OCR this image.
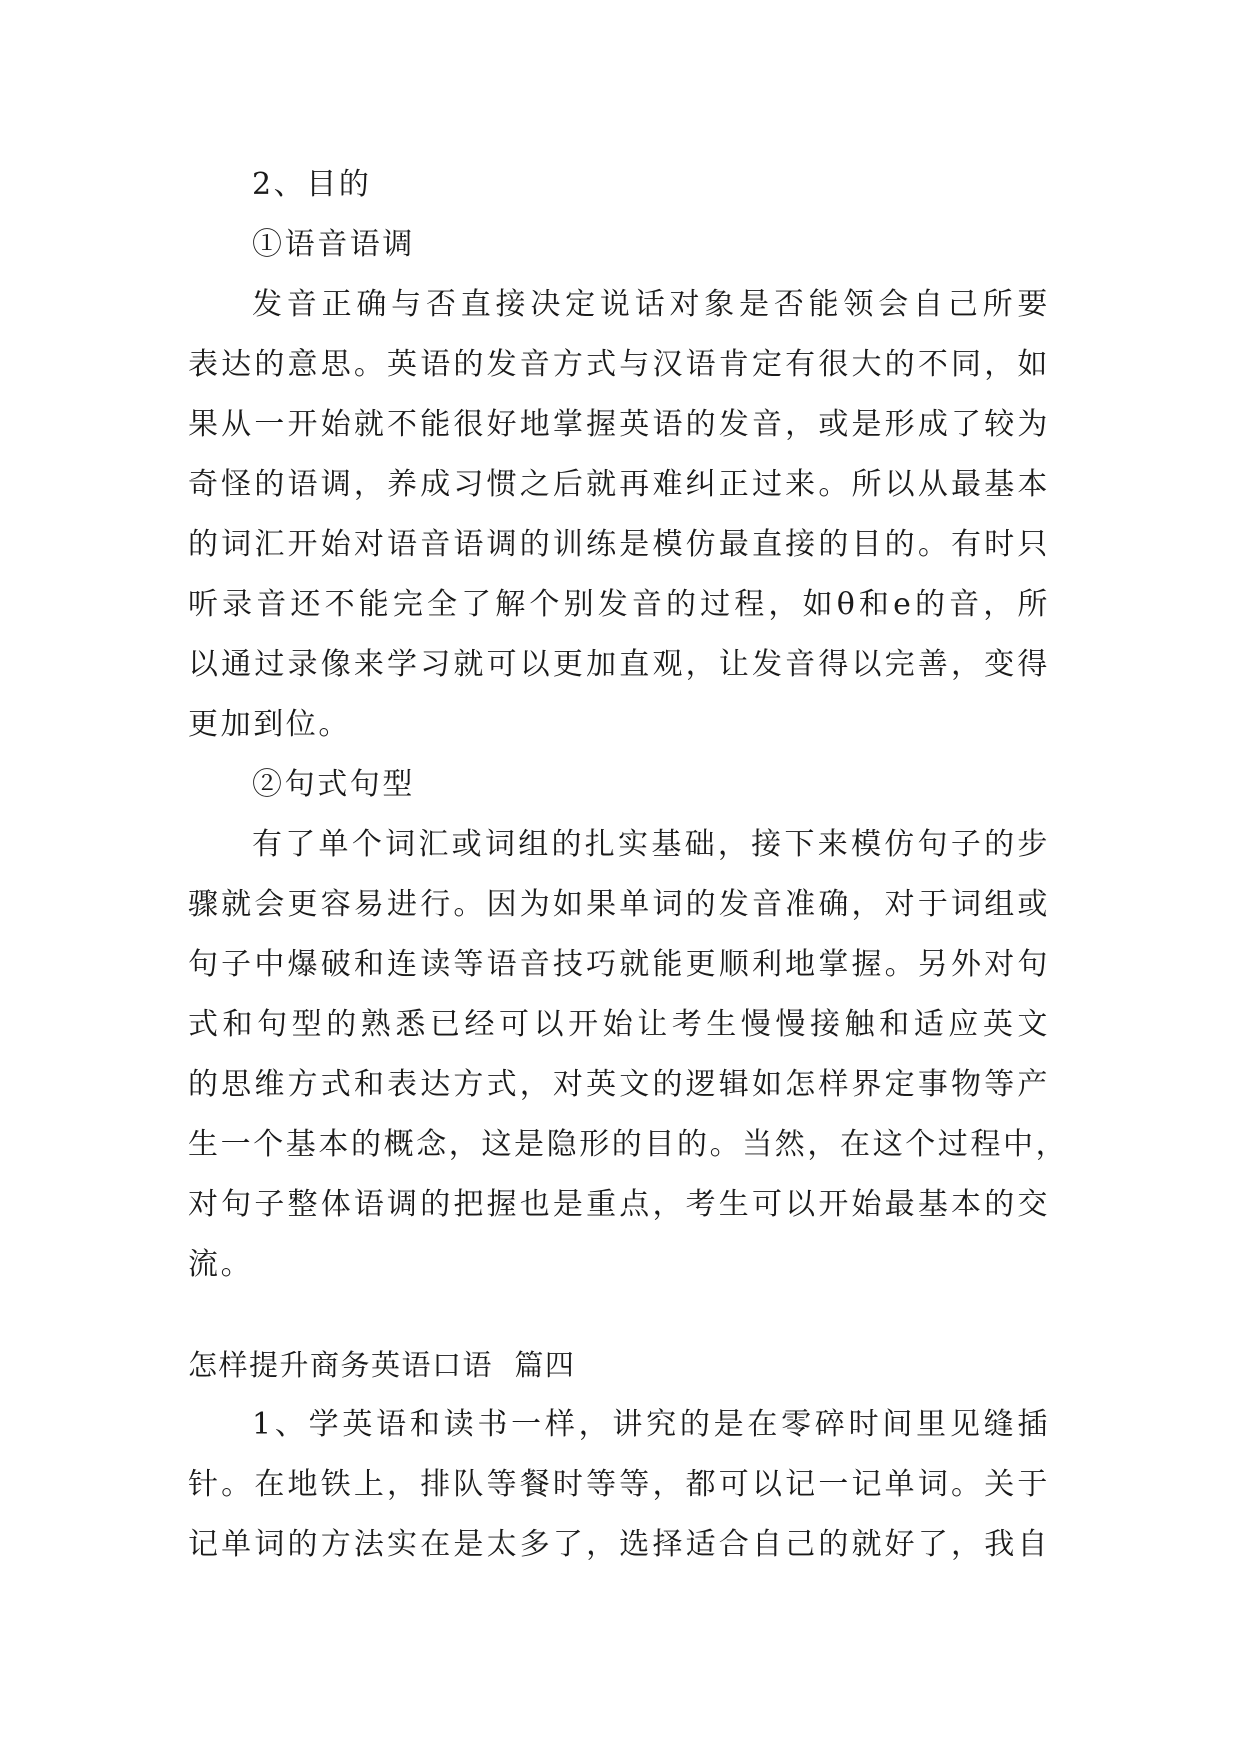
2、目的
①语音语调
发音正确与否直接决定说话对象是否能领会自己所要
表达的意思。英语的发音方式与汉语肯定有很大的不同，如
果从一开始就不能很好地掌握英语的发音，或是形成了较为
奇怪的语调，养成习惯之后就再难纠正过来。所以从最基本
的词汇开始对语音语调的训练是模仿最直接的目的。有时只
听录音还不能完全了解个别发音的过程，如θ和e的音，所
以通过录像来学习就可以更加直观，让发音得以完善，变得
更加到位。
②句式句型
有了单个词汇或词组的扎实基础，接下来模仿句子的步
骤就会更容易进行。因为如果单词的发音准确，对于词组或
句子中爆破和连读等语音技巧就能更顺利地掌握。另外对句
式和句型的熟悉已经可以开始让考生慢慢接触和适应英文
的思维方式和表达方式，对英文的逻辑如怎样界定事物等产
生一个基本的概念，这是隐形的目的。当然，在这个过程中，
对句子整体语调的把握也是重点，考生可以开始最基本的交
流。
怎样提升商务英语口语  篇四
1、学英语和读书一样，讲究的是在零碎时间里见缝插
针。在地铁上，排队等餐时等等，都可以记一记单词。关于
记单词的方法实在是太多了，选择适合自己的就好了，我自
